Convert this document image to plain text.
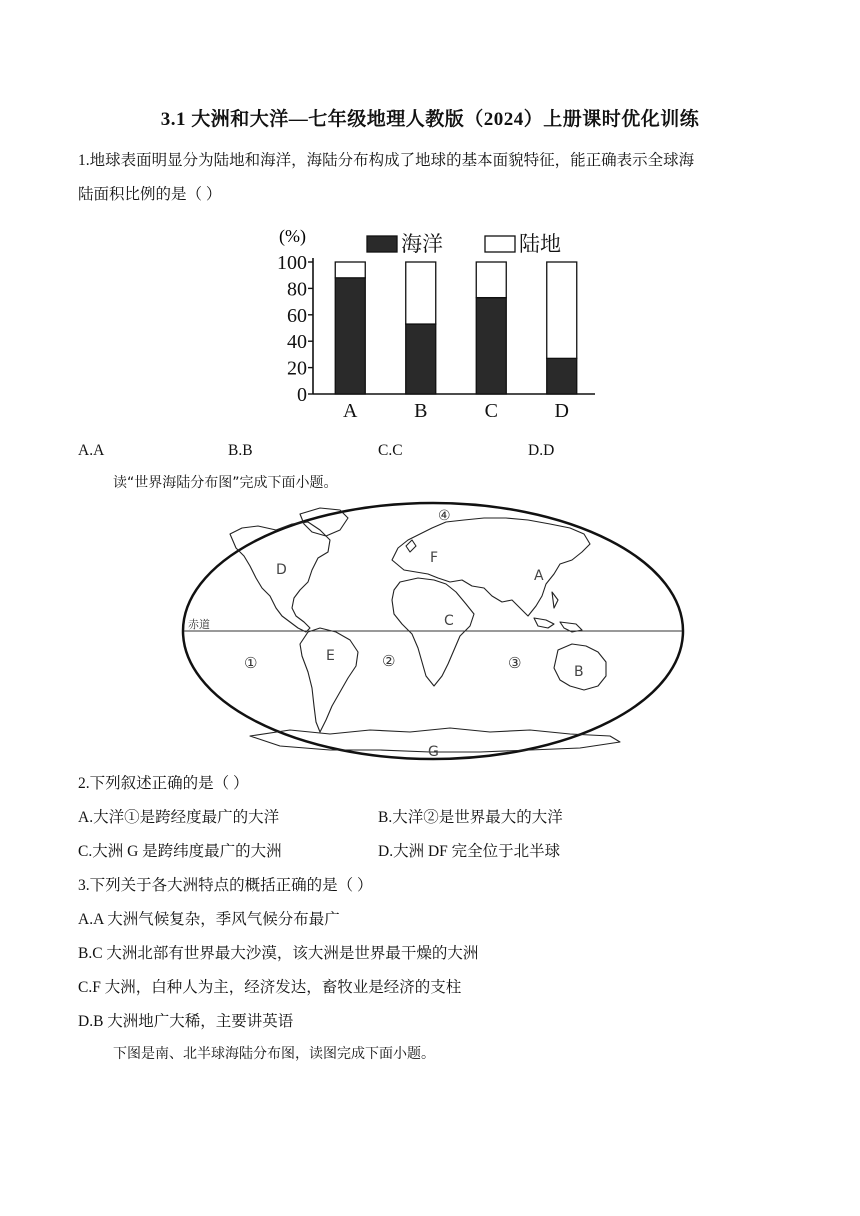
3.1 大洲和大洋—七年级地理人教版（2024）上册课时优化训练
1.地球表面明显分为陆地和海洋，海陆分布构成了地球的基本面貌特征，能正确表示全球海
陆面积比例的是（ ）
(%)	海洋	陆地
100
80
60
40
20
0
A	B	C	D
A.A	B.B	C.C	D.D
读“世界海陆分布图”完成下面小题。
赤道
④
F
D	A
C
E
①	②	③	B
G
2.下列叙述正确的是（ ）
A.大洋①是跨经度最广的大洋	B.大洋②是世界最大的大洋
C.大洲 G 是跨纬度最广的大洲	D.大洲 DF 完全位于北半球
3.下列关于各大洲特点的概括正确的是（ ）
A.A 大洲气候复杂，季风气候分布最广
B.C 大洲北部有世界最大沙漠，该大洲是世界最干燥的大洲
C.F 大洲，白种人为主，经济发达，畜牧业是经济的支柱
D.B 大洲地广大稀，主要讲英语
下图是南、北半球海陆分布图，读图完成下面小题。
